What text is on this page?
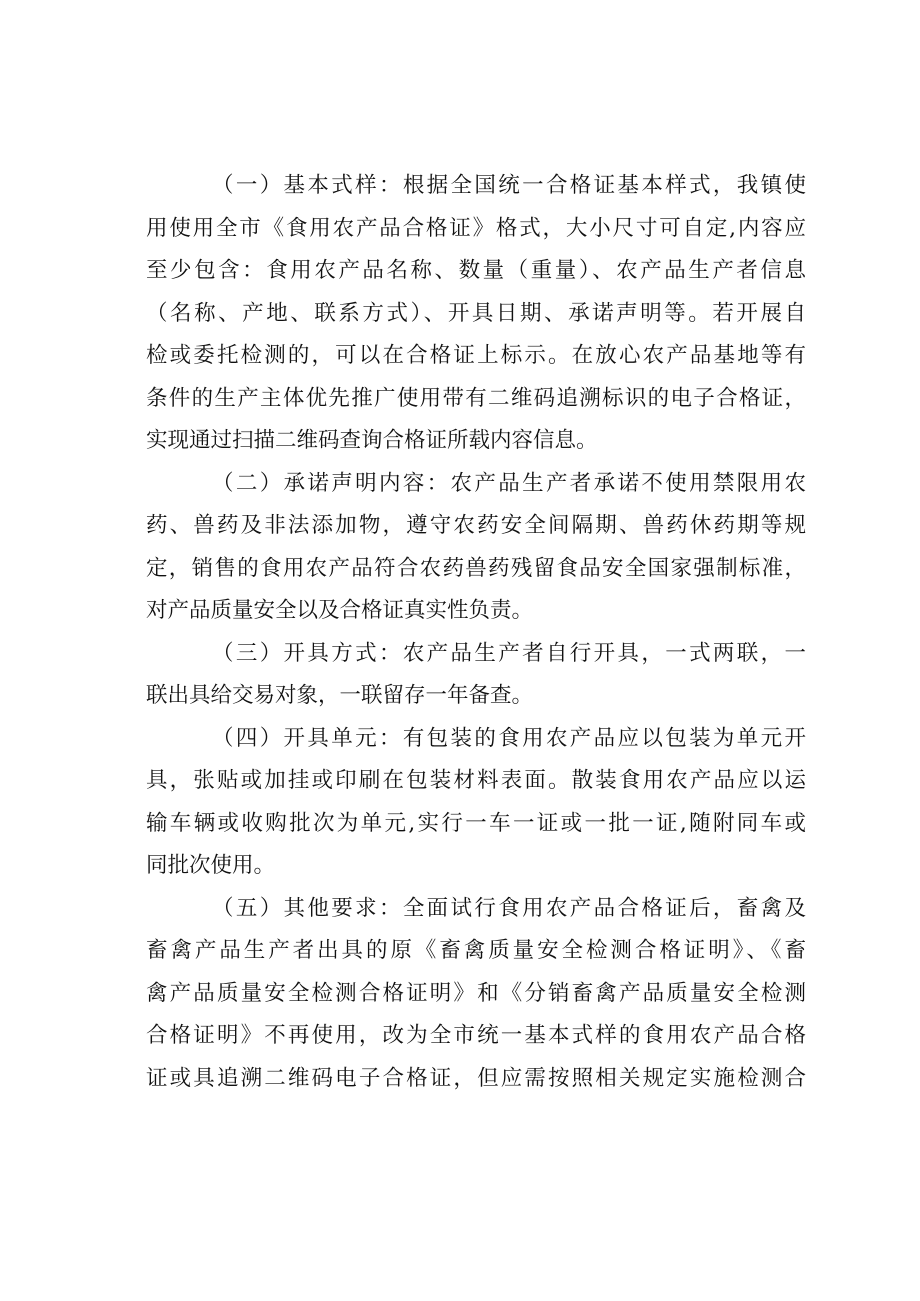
（一）基本式样：根据全国统一合格证基本样式，我镇使
用使用全市《食用农产品合格证》格式，大小尺寸可自定,内容应
至少包含：食用农产品名称、数量（重量）、农产品生产者信息
（名称、产地、联系方式）、开具日期、承诺声明等。若开展自
检或委托检测的，可以在合格证上标示。在放心农产品基地等有
条件的生产主体优先推广使用带有二维码追溯标识的电子合格证，
实现通过扫描二维码查询合格证所载内容信息。
（二）承诺声明内容：农产品生产者承诺不使用禁限用农
药、兽药及非法添加物，遵守农药安全间隔期、兽药休药期等规
定，销售的食用农产品符合农药兽药残留食品安全国家强制标准，
对产品质量安全以及合格证真实性负责。
（三）开具方式：农产品生产者自行开具，一式两联，一
联出具给交易对象，一联留存一年备查。
（四）开具单元：有包装的食用农产品应以包装为单元开
具，张贴或加挂或印刷在包装材料表面。散装食用农产品应以运
输车辆或收购批次为单元,实行一车一证或一批一证,随附同车或
同批次使用。
（五）其他要求：全面试行食用农产品合格证后，畜禽及
畜禽产品生产者出具的原《畜禽质量安全检测合格证明》、《畜
禽产品质量安全检测合格证明》和《分销畜禽产品质量安全检测
合格证明》不再使用，改为全市统一基本式样的食用农产品合格
证或具追溯二维码电子合格证，但应需按照相关规定实施检测合
